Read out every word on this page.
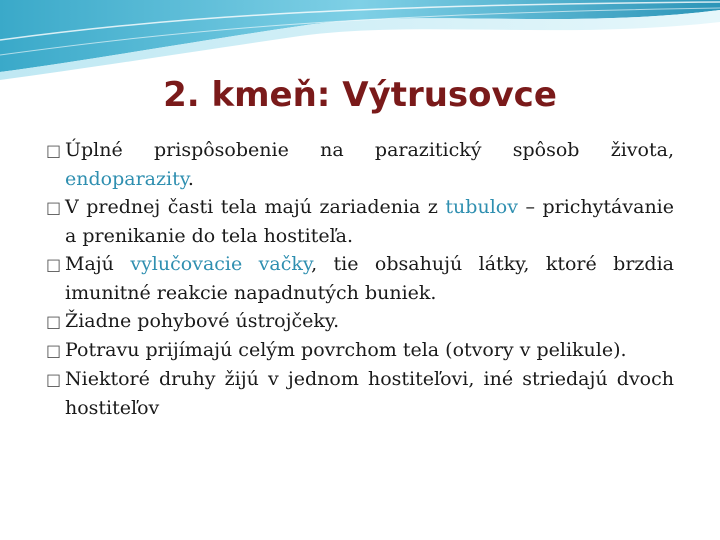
2. kmeň: Výtrusovce

□ Úplné prispôsobenie na parazitický spôsob života, endoparazity.

□ V prednej časti tela majú zariadenia z tubulov – prichytávanie a prenikanie do tela hostiteľa.

□ Majú vylučovacie vačky, tie obsahujú látky, ktoré brzdia imunitné reakcie napadnutých buniek.

□ Žiadne pohybové ústrojčeky.

□ Potravu prijímajú celým povrchom tela (otvory v pelikule).

□ Niektoré druhy žijú v jednom hostiteľovi, iné striedajú dvoch hostiteľov
